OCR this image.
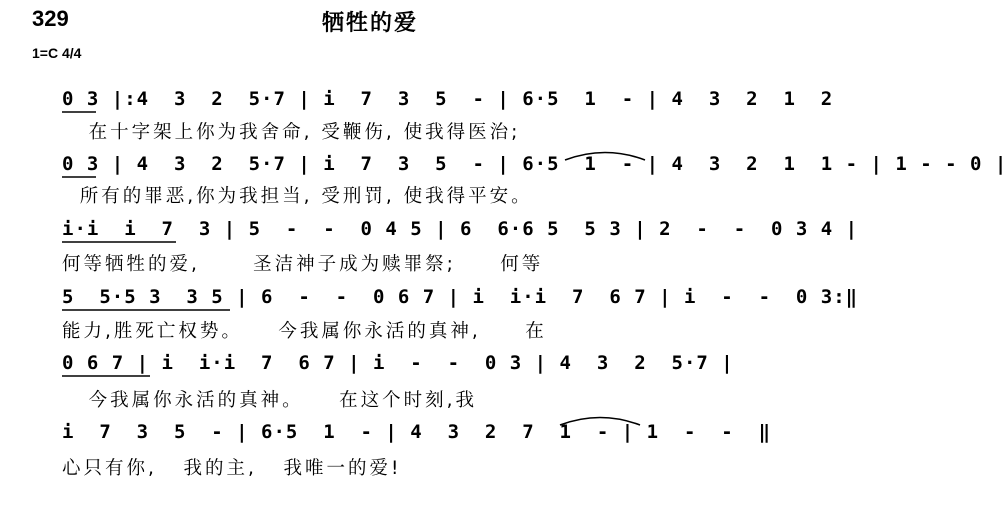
329	牺牲的爱
1=C 4/4
0 3 |:4  3  2  5·7 | i  7  3  5  - | 6·5  1  - | 4  3  2  1  2
在十字架上你为我舍命, 受鞭伤, 使我得医治;
0 3 | 4  3  2  5·7 | i  7  3  5  - | 6·5  1  - | 4  3  2  1  1 - | 1 - - 0 |
所有的罪恶,你为我担当, 受刑罚, 使我得平安。
i·i  i  7  3 | 5  -  -  0 4 5 | 6  6·6 5  5 3 | 2  -  -  0 3 4 |
何等牺牲的爱,      圣洁神子成为赎罪祭;     何等
5  5·5 3  3 5 | 6  -  -  0 6 7 | i  i·i  7  6 7 | i  -  -  0 3:‖
能力,胜死亡权势。    今我属你永活的真神,     在
0 6 7 | i  i·i  7  6 7 | i  -  -  0 3 | 4  3  2  5·7 |
今我属你永活的真神。    在这个时刻,我
i  7  3  5  - | 6·5  1  - | 4  3  2  7  1  - | 1  -  -  ‖
心只有你,   我的主,   我唯一的爱!
